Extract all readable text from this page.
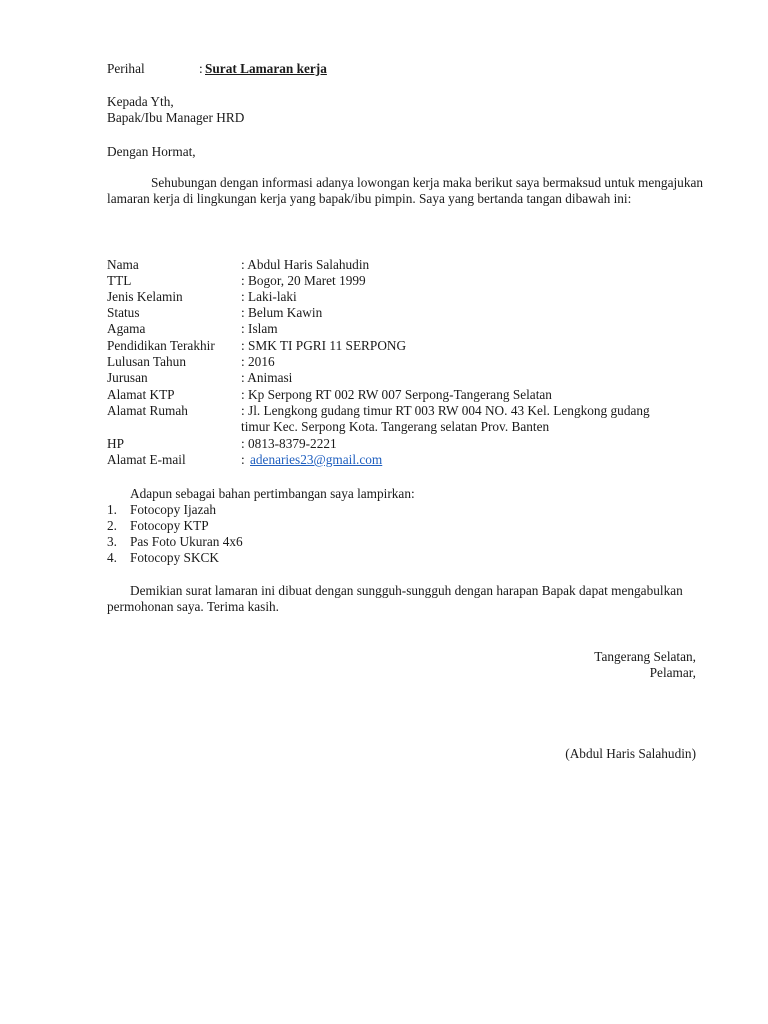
Perihal	: Surat Lamaran kerja
Kepada Yth,
Bapak/Ibu Manager HRD
Dengan Hormat,
Sehubungan dengan informasi adanya lowongan kerja maka berikut saya bermaksud untuk mengajukan lamaran kerja di lingkungan kerja yang bapak/ibu pimpin. Saya yang bertanda tangan dibawah ini:
Nama	: Abdul Haris Salahudin
TTL	: Bogor, 20 Maret 1999
Jenis Kelamin	: Laki-laki
Status	: Belum Kawin
Agama	: Islam
Pendidikan Terakhir : SMK TI PGRI 11 SERPONG
Lulusan Tahun	: 2016
Jurusan	: Animasi
Alamat KTP	: Kp Serpong RT 002 RW 007 Serpong-Tangerang Selatan
Alamat Rumah	: Jl. Lengkong gudang timur RT 003 RW 004 NO. 43 Kel. Lengkong gudang timur Kec. Serpong Kota. Tangerang selatan Prov. Banten
HP	: 0813-8379-2221
Alamat E-mail	: adenaries23@gmail.com
Adapun sebagai bahan pertimbangan saya lampirkan:
1. Fotocopy Ijazah
2. Fotocopy KTP
3. Pas Foto Ukuran 4x6
4. Fotocopy SKCK
Demikian surat lamaran ini dibuat dengan sungguh-sungguh dengan harapan Bapak dapat mengabulkan permohonan saya. Terima kasih.
Tangerang Selatan,
Pelamar,
(Abdul Haris Salahudin)
